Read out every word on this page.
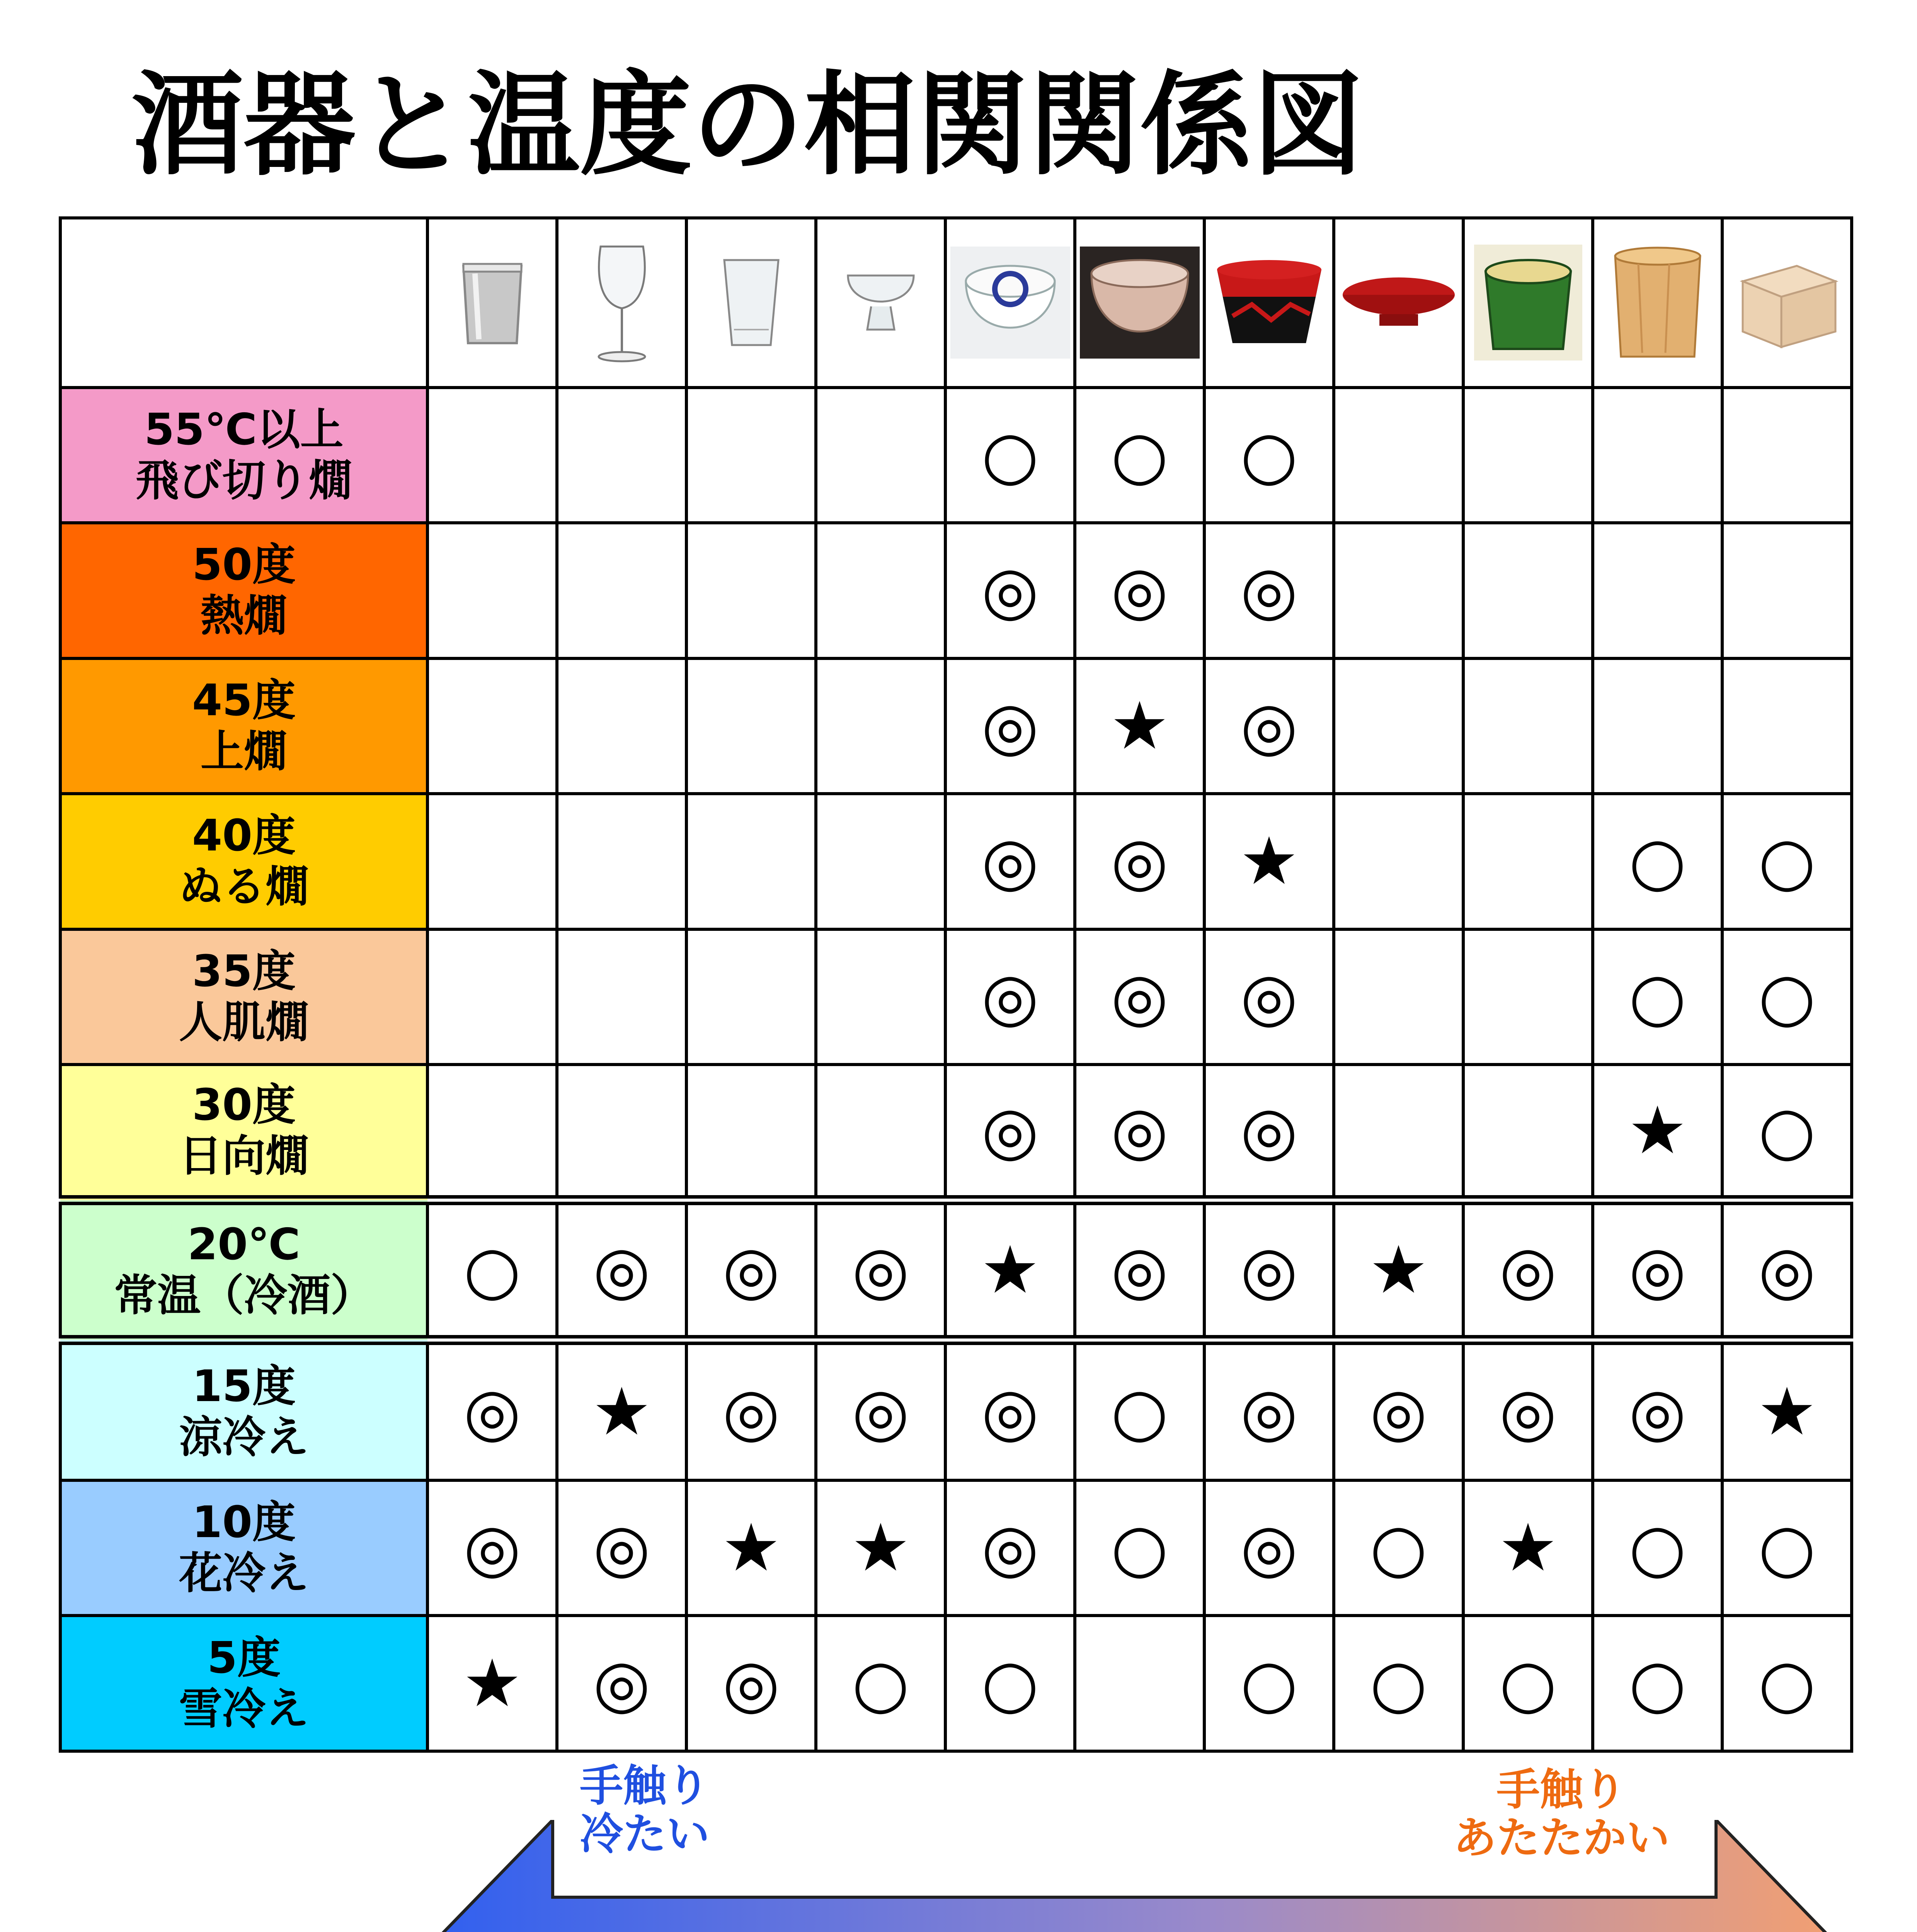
酒器と温度の相関関係図

55℃以上
飛び切り燗					○	○	○				

50度
熱燗					◎	◎	◎				

45度
上燗					◎	★	◎				

40度
ぬる燗					◎	◎	★			○	○

35度
人肌燗					◎	◎	◎			○	○

30度
日向燗					◎	◎	◎			★	○

20℃
常温（冷酒）	○	◎	◎	◎	★	◎	◎	★	◎	◎	◎

15度
涼冷え	◎	★	◎	◎	◎	○	◎	◎	◎	◎	★

10度
花冷え	◎	◎	★	★	◎	○	◎	○	★	○	○

5度
雪冷え	★	◎	◎	○	○		○	○	○	○	○
手触り
冷たい
手触り
あたたかい
